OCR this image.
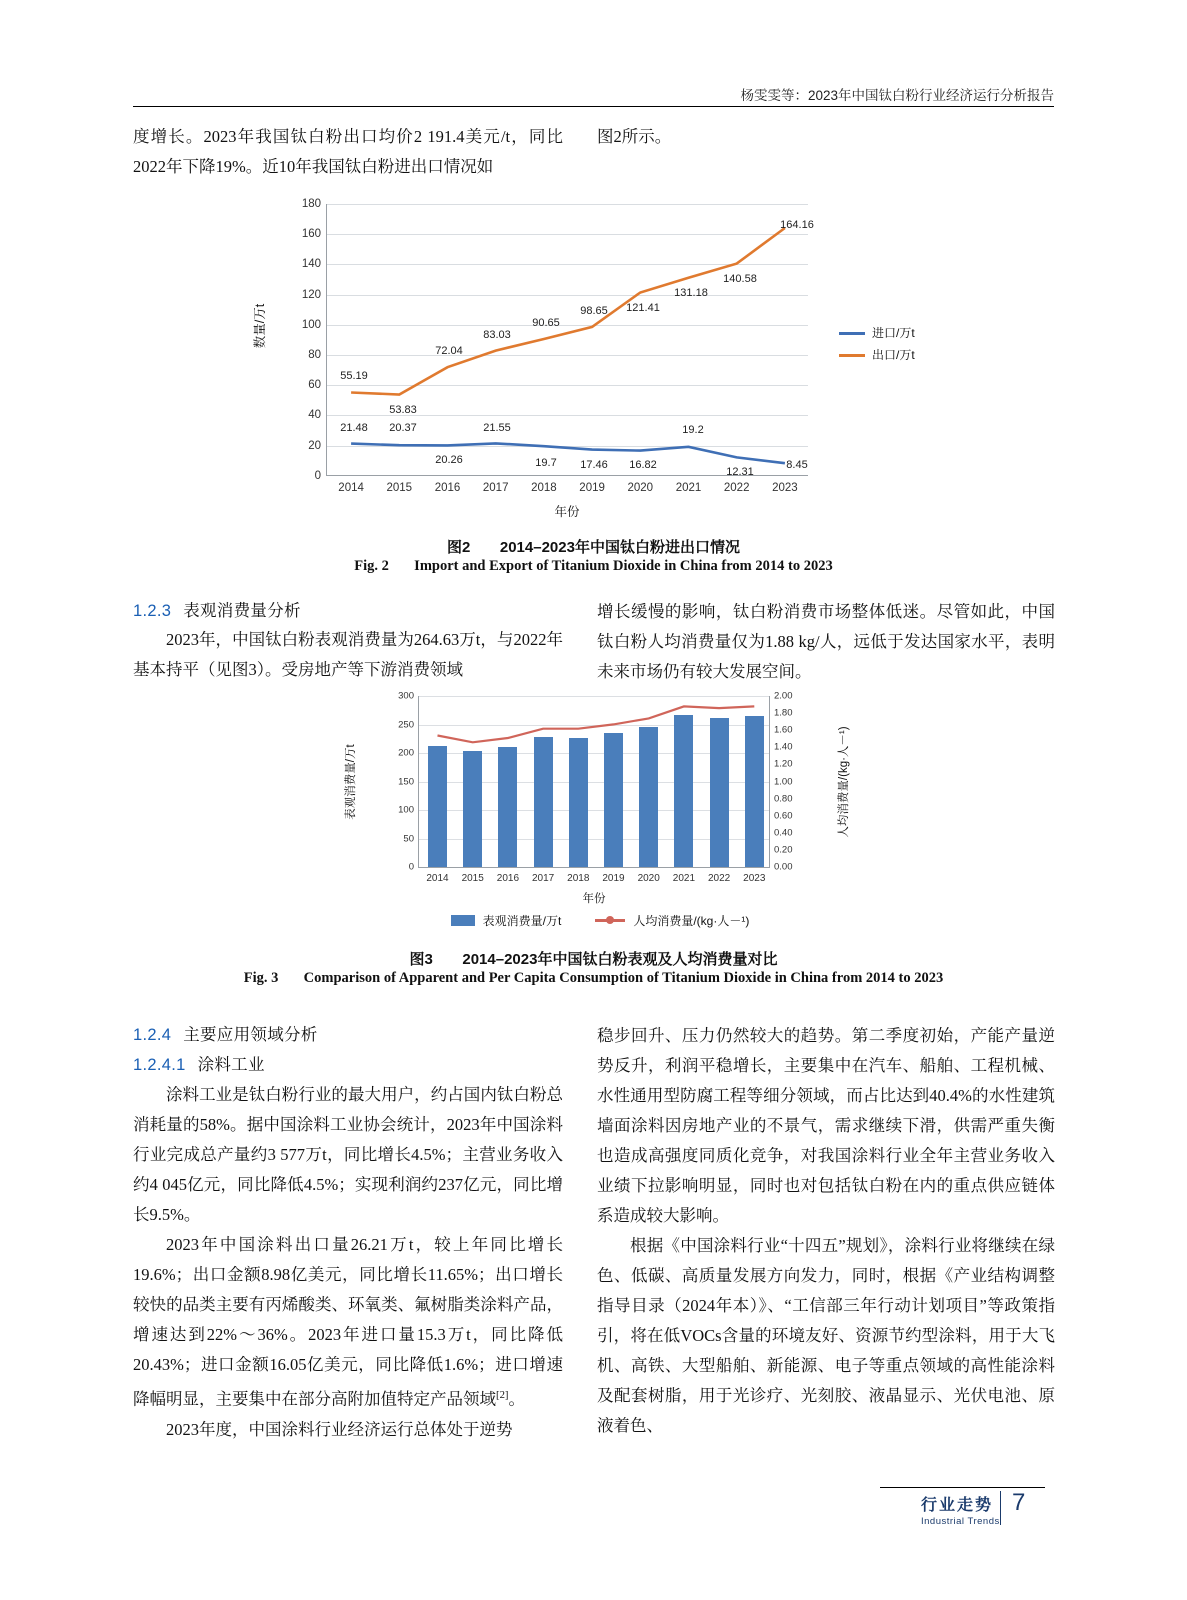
杨雯雯等：2023年中国钛白粉行业经济运行分析报告

度增长。2023年我国钛白粉出口均价2 191.4美元/t，同比2022年下降19%。近10年我国钛白粉进出口情况如

图2所示。

数量/万t
年份
180
160
140
120
100
80
60
40
20
0
2014 2015 2016 2017 2018 2019 2020 2021 2022 2023
55.19
53.83
72.04
83.03
90.65
98.65 121.41
131.18
140.58
164.16
21.48 20.37
20.26
21.55
19.7 17.46 16.82
19.2
12.31
8.45
进口/万t
出口/万t
图2 2014–2023年中国钛白粉进出口情况
Fig. 2 Import and Export of Titanium Dioxide in China from 2014 to 2023
1.2.3 表观消费量分析

2023年，中国钛白粉表观消费量为264.63万t，与2022年基本持平（见图3）。受房地产等下游消费领域

增长缓慢的影响，钛白粉消费市场整体低迷。尽管如此，中国钛白粉人均消费量仅为1.88 kg/人，远低于发达国家水平，表明未来市场仍有较大发展空间。

表观消费量/万t	人均消费量/(kg·人－¹)
年份
300
250
200
150
100
50
0
2.00
1.80
1.60
1.40
1.20
1.00
0.80
0.60
0.40
0.20
0.00
2014 2015 2016 2017 2018 2019 2020 2021 2022 2023
表观消费量/万t	人均消费量/(kg·人－¹)
图3 2014–2023年中国钛白粉表观及人均消费量对比
Fig. 3 Comparison of Apparent and Per Capita Consumption of Titanium Dioxide in China from 2014 to 2023
1.2.4 主要应用领域分析
1.2.4.1 涂料工业

涂料工业是钛白粉行业的最大用户，约占国内钛白粉总消耗量的58%。据中国涂料工业协会统计，2023年中国涂料行业完成总产量约3 577万t，同比增长4.5%；主营业务收入约4 045亿元，同比降低4.5%；实现利润约237亿元，同比增长9.5%。

2023年中国涂料出口量26.21万t，较上年同比增长19.6%；出口金额8.98亿美元，同比增长11.65%；出口增长较快的品类主要有丙烯酸类、环氧类、氟树脂类涂料产品，增速达到22%～36%。2023年进口量15.3万t，同比降低20.43%；进口金额16.05亿美元，同比降低1.6%；进口增速降幅明显，主要集中在部分高附加值特定产品领域[2]。

2023年度，中国涂料行业经济运行总体处于逆势

稳步回升、压力仍然较大的趋势。第二季度初始，产能产量逆势反升，利润平稳增长，主要集中在汽车、船舶、工程机械、水性通用型防腐工程等细分领域，而占比达到40.4%的水性建筑墙面涂料因房地产业的不景气，需求继续下滑，供需严重失衡也造成高强度同质化竞争，对我国涂料行业全年主营业务收入业绩下拉影响明显，同时也对包括钛白粉在内的重点供应链体系造成较大影响。

根据《中国涂料行业“十四五”规划》，涂料行业将继续在绿色、低碳、高质量发展方向发力，同时，根据《产业结构调整指导目录（2024年本）》、“工信部三年行动计划项目”等政策指引，将在低VOCs含量的环境友好、资源节约型涂料，用于大飞机、高铁、大型船舶、新能源、电子等重点领域的高性能涂料及配套树脂，用于光诊疗、光刻胶、液晶显示、光伏电池、原液着色、

行业走势
Industrial Trends
7
